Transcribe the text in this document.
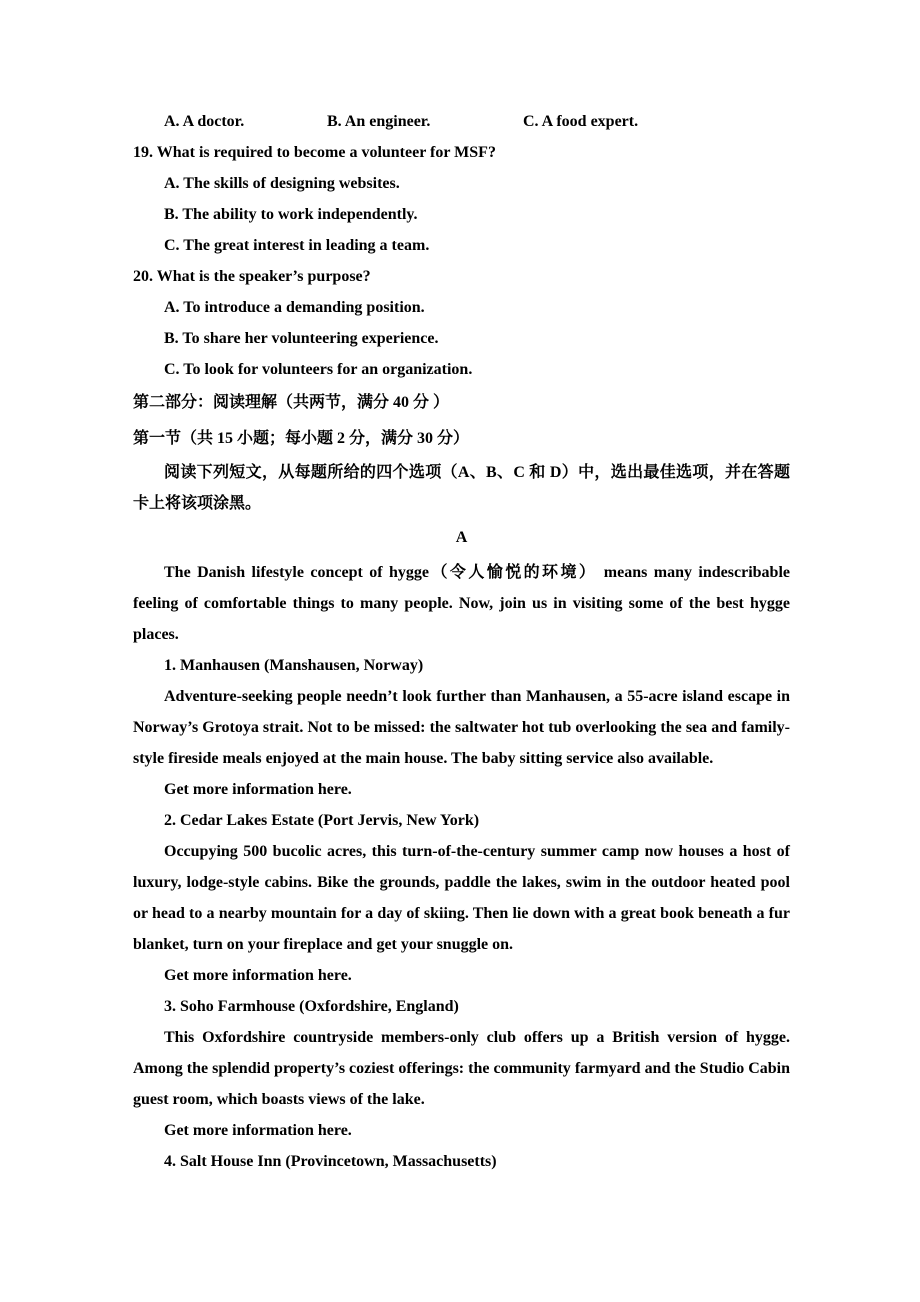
A. A doctor.	B. An engineer.	C. A food expert.

19. What is required to become a volunteer for MSF?

A. The skills of designing websites.

B. The ability to work independently.

C. The great interest in leading a team.

20. What is the speaker’s purpose?

A. To introduce a demanding position.

B. To share her volunteering experience.

C. To look for volunteers for an organization.

第二部分：阅读理解（共两节，满分 40 分 ）

第一节（共 15 小题；每小题 2 分，满分 30 分）

阅读下列短文，从每题所给的四个选项（A、B、C 和 D）中，选出最佳选项，并在答题卡上将该项涂黑。

A

The Danish lifestyle concept of hygge（令人愉悦的环境） means many indescribable feeling of comfortable things to many people. Now, join us in visiting some of the best hygge places.

1. Manhausen (Manshausen, Norway)

Adventure-seeking people needn’t look further than Manhausen, a 55-acre island escape in Norway’s Grotoya strait. Not to be missed: the saltwater hot tub overlooking the sea and family-style fireside meals enjoyed at the main house. The baby sitting service also available.

Get more information here.

2. Cedar Lakes Estate (Port Jervis, New York)

Occupying 500 bucolic acres, this turn-of-the-century summer camp now houses a host of luxury, lodge-style cabins. Bike the grounds, paddle the lakes, swim in the outdoor heated pool or head to a nearby mountain for a day of skiing. Then lie down with a great book beneath a fur blanket, turn on your fireplace and get your snuggle on.

Get more information here.

3. Soho Farmhouse (Oxfordshire, England)

This Oxfordshire countryside members-only club offers up a British version of hygge. Among the splendid property’s coziest offerings: the community farmyard and the Studio Cabin guest room, which boasts views of the lake.

Get more information here.

4. Salt House Inn (Provincetown, Massachusetts)
